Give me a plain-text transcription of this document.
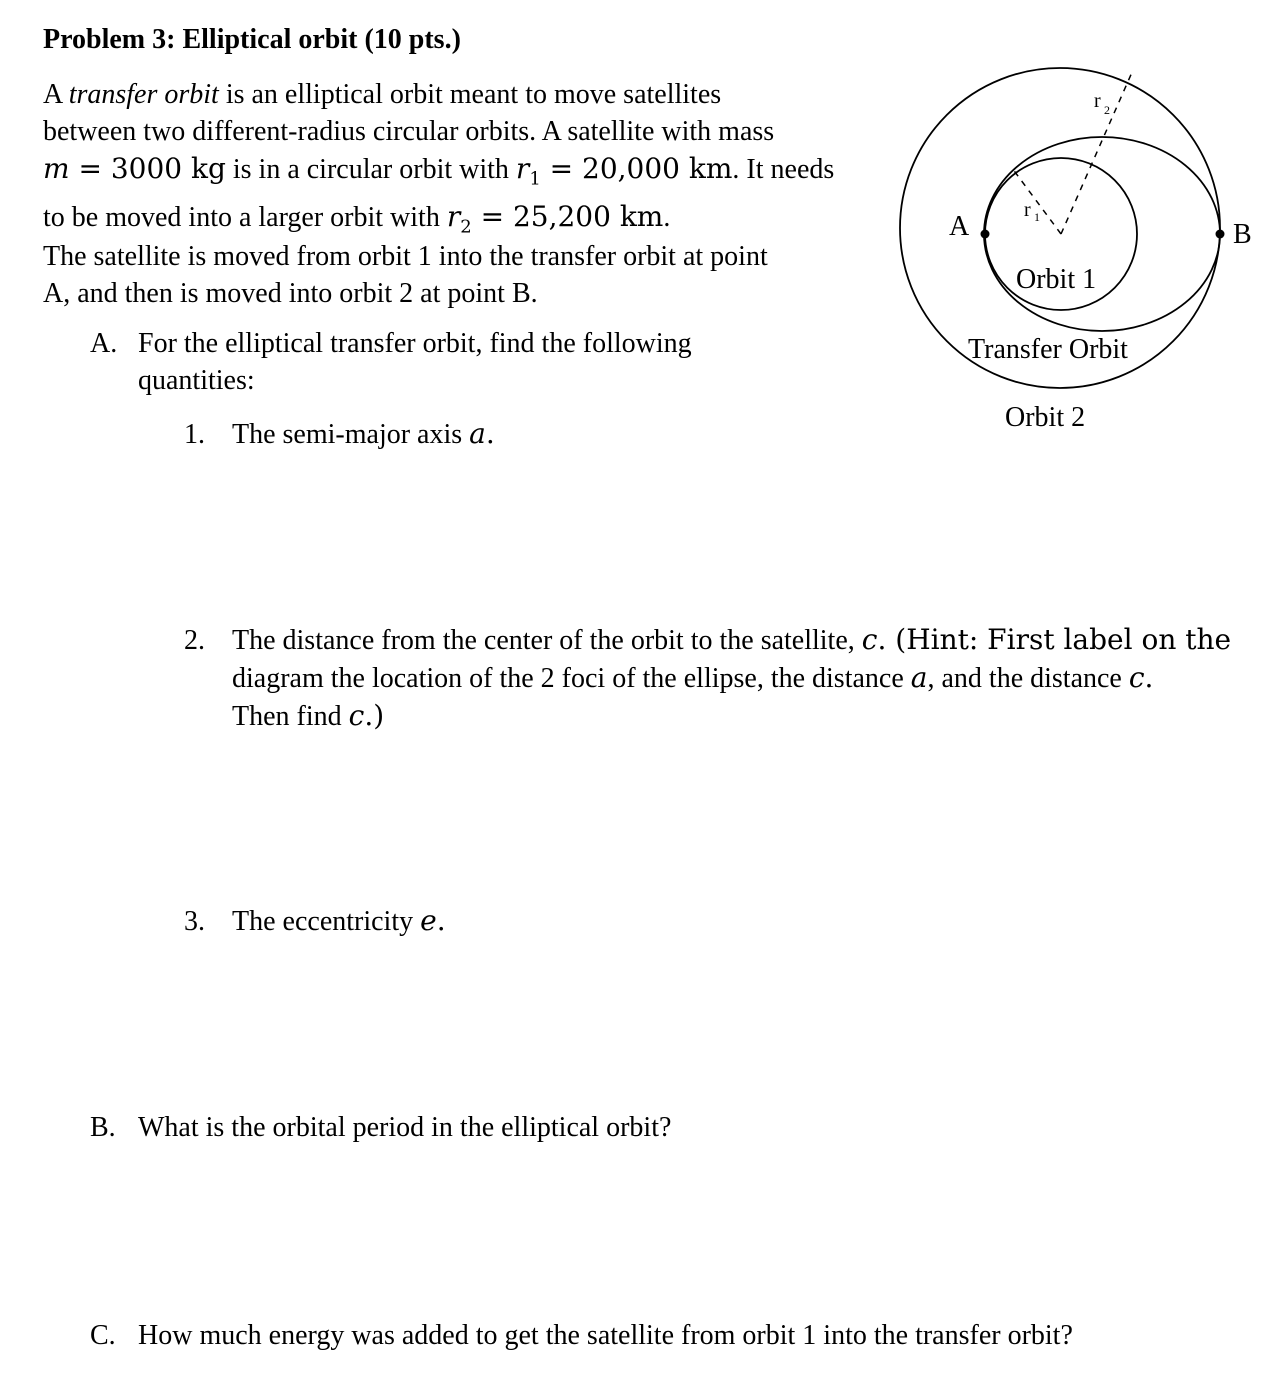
Problem 3: Elliptical orbit (10 pts.)
A transfer orbit is an elliptical orbit meant to move satellites
between two different-radius circular orbits. A satellite with mass
m = 3000 kg is in a circular orbit with $r_1 = 20,000$ km. It needs
to be moved into a larger orbit with $r_2 = 25,200$ km.
The satellite is moved from orbit 1 into the transfer orbit at point
A, and then is moved into orbit 2 at point B.
A. For the elliptical transfer orbit, find the following
quantities:
1. The semi-major axis a.
2. The distance from the center of the orbit to the satellite, c. (Hint: First label on the
diagram the location of the 2 foci of the ellipse, the distance a, and the distance c.
Then find c.)
3. The eccentricity e.
B. What is the orbital period in the elliptical orbit?
C. How much energy was added to get the satellite from orbit 1 into the transfer orbit?
A	B
r 1
r 2
Orbit 1
Transfer Orbit
Orbit 2
